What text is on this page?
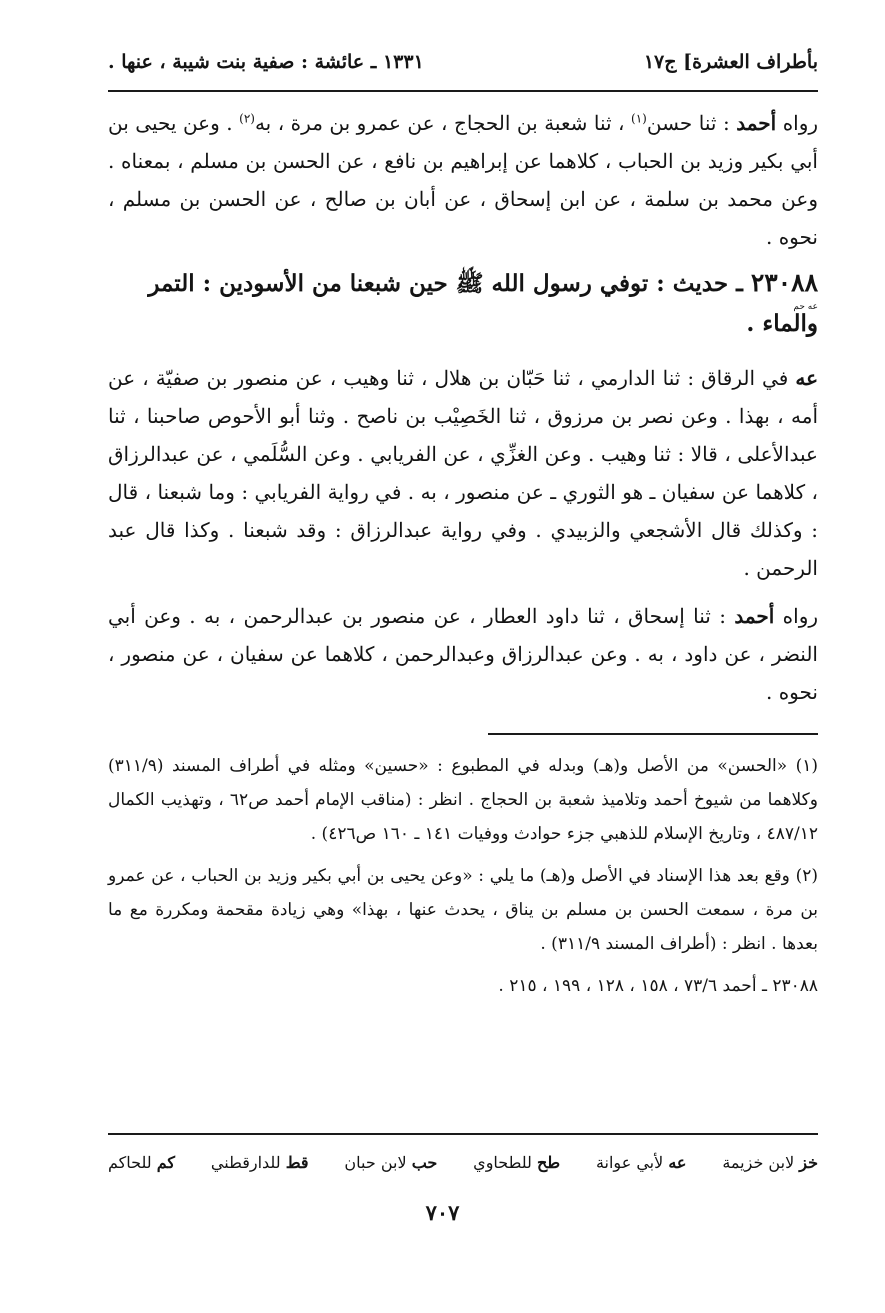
بأطراف العشرة] ج١٧
١٣٣١ ـ عائشة : صفية بنت شيبة ، عنها .

رواه أحمد : ثنا حسن$^{(١)}$ ، ثنا شعبة بن الحجاج ، عن عمرو بن مرة ، به$^{(٢)}$ . وعن يحيى بن أبي بكير وزيد بن الحباب ، كلاهما عن إبراهيم بن نافع ، عن الحسن بن مسلم ، بمعناه . وعن محمد بن سلمة ، عن ابن إسحاق ، عن أبان بن صالح ، عن الحسن بن مسلم ، نحوه .

٢٣٠٨٨ ـ حديث : توفي رسول الله ﷺ حين شبعنا من الأسودين : التمر
عه حم
والماء .

عه في الرقاق : ثنا الدارمي ، ثنا حَبّان بن هلال ، ثنا وهيب ، عن منصور بن صفيّة ، عن أمه ، بهذا . وعن نصر بن مرزوق ، ثنا الخَصِيْب بن ناصح . وثنا أبو الأحوص صاحبنا ، ثنا عبدالأعلى ، قالا : ثنا وهيب . وعن الغزِّي ، عن الفريابي . وعن السُّلَمي ، عن عبدالرزاق ، كلاهما عن سفيان ـ هو الثوري ـ عن منصور ، به . في رواية الفريابي : وما شبعنا ، قال : وكذلك قال الأشجعي والزبيدي . وفي رواية عبدالرزاق : وقد شبعنا . وكذا قال عبد الرحمن .

رواه أحمد : ثنا إسحاق ، ثنا داود العطار ، عن منصور بن عبدالرحمن ، به . وعن أبي النضر ، عن داود ، به . وعن عبدالرزاق وعبدالرحمن ، كلاهما عن سفيان ، عن منصور ، نحوه .

(١) «الحسن» من الأصل و(هـ) وبدله في المطبوع : «حسين» ومثله في أطراف المسند (٣١١/٩) وكلاهما من شيوخ أحمد وتلاميذ شعبة بن الحجاج . انظر : (مناقب الإمام أحمد ص٦٢ ، وتهذيب الكمال ٤٨٧/١٢ ، وتاريخ الإسلام للذهبي جزء حوادث ووفيات ١٤١ ـ ١٦٠ ص٤٢٦) .

(٢) وقع بعد هذا الإسناد في الأصل و(هـ) ما يلي : «وعن يحيى بن أبي بكير وزيد بن الحباب ، عن عمرو بن مرة ، سمعت الحسن بن مسلم بن يناق ، يحدث عنها ، بهذا» وهي زيادة مقحمة ومكررة مع ما بعدها . انظر : (أطراف المسند ٣١١/٩) .

٢٣٠٨٨ ـ أحمد ٧٣/٦ ، ١٥٨ ، ١٢٨ ، ١٩٩ ، ٢١٥ .

خز لابن خزيمة
عه لأبي عوانة
طح للطحاوي
حب لابن حبان
قط للدارقطني
كم للحاكم
٧٠٧
